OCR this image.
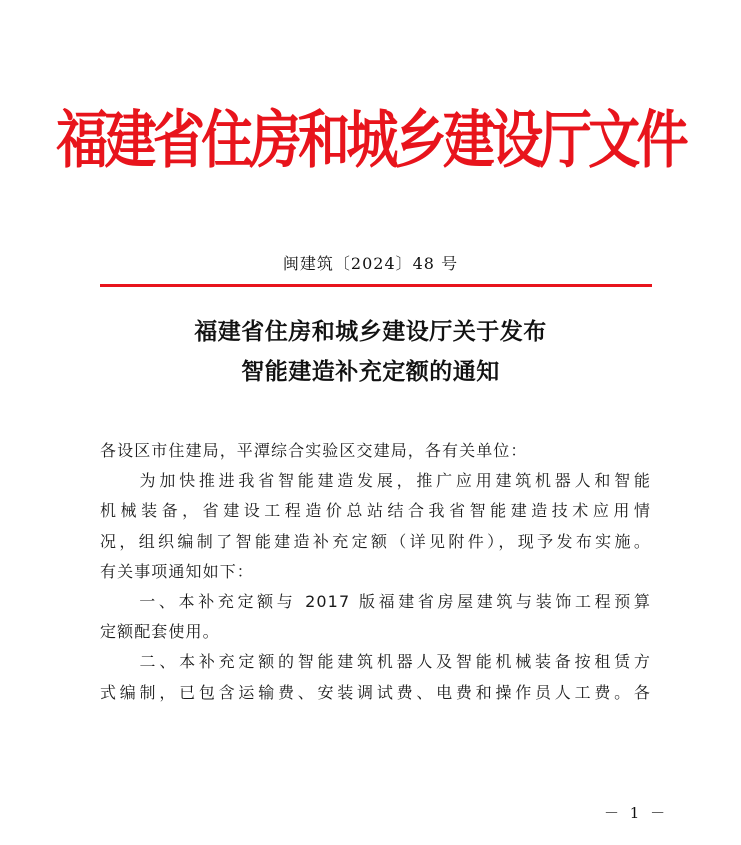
福建省住房和城乡建设厅文件
闽建筑〔2024〕48 号
福建省住房和城乡建设厅关于发布
智能建造补充定额的通知
各设区市住建局，平潭综合实验区交建局，各有关单位：
　　为加快推进我省智能建造发展，推广应用建筑机器人和智能
机械装备，省建设工程造价总站结合我省智能建造技术应用情
况，组织编制了智能建造补充定额（详见附件），现予发布实施。
有关事项通知如下：
　　一、本补充定额与 2017 版福建省房屋建筑与装饰工程预算
定额配套使用。
　　二、本补充定额的智能建筑机器人及智能机械装备按租赁方
式编制，已包含运输费、安装调试费、电费和操作员人工费。各
－ 1 －
